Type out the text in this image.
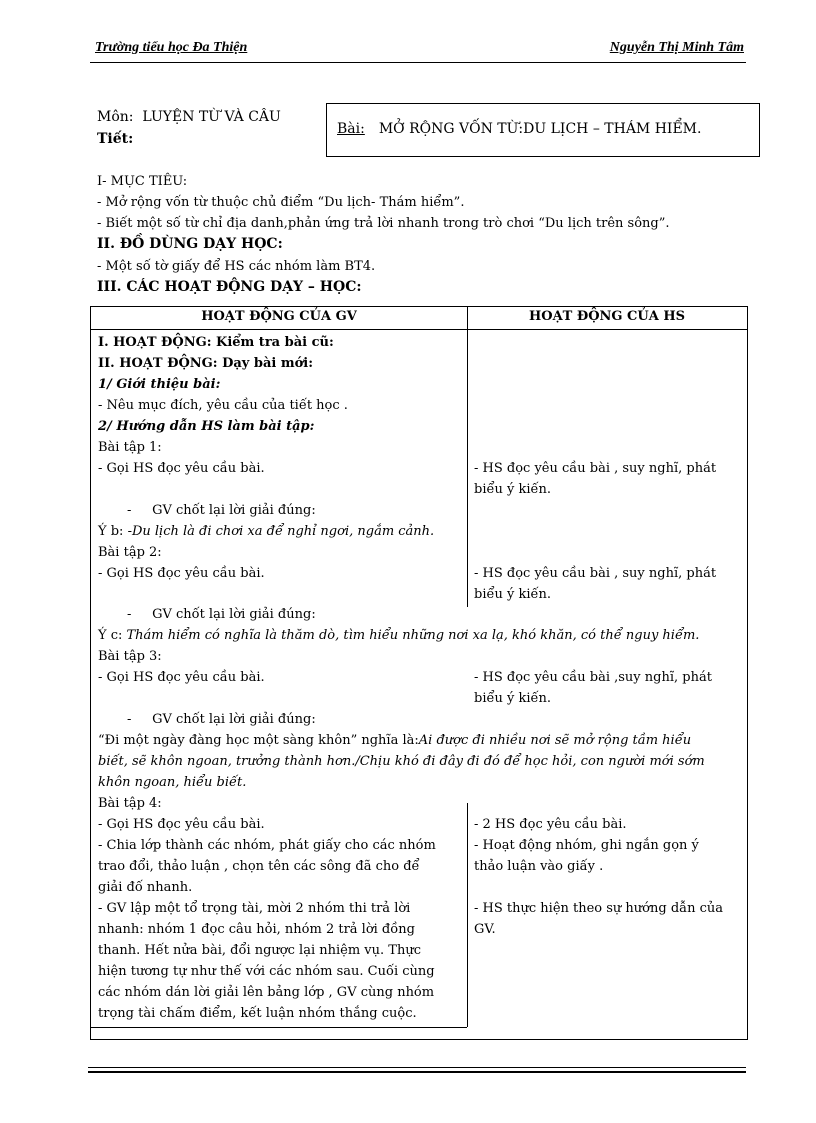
Trường tiểu học Đa Thiện	Nguyễn Thị Minh Tâm
Môn: LUYỆN TỪ VÀ CÂU
Tiết:
Bài: MỞ RỘNG VỐN TỪ:DU LỊCH – THÁM HIỂM.
I- MỤC TIÊU:
- Mở rộng vốn từ thuộc chủ điểm “Du lịch- Thám hiểm”.
- Biết một số từ chỉ địa danh,phản ứng trả lời nhanh trong trò chơi “Du lịch trên sông”.
II. ĐỒ DÙNG DẠY HỌC:
- Một số tờ giấy để HS các nhóm làm BT4.
III. CÁC HOẠT ĐỘNG DẠY – HỌC:
HOẠT ĐỘNG CỦA GV	HOẠT ĐỘNG CỦA HS
I. HOẠT ĐỘNG: Kiểm tra bài cũ:
II. HOẠT ĐỘNG: Dạy bài mới:
1/ Giới thiệu bài:
- Nêu mục đích, yêu cầu của tiết học .
2/ Hướng dẫn HS làm bài tập:
Bài tập 1:
- Gọi HS đọc yêu cầu bài.
-     GV chốt lại lời giải đúng:
Ý b: -Du lịch là đi chơi xa để nghỉ ngơi, ngắm cảnh.
Bài tập 2:
- Gọi HS đọc yêu cầu bài.
-     GV chốt lại lời giải đúng:
Ý c: Thám hiểm có nghĩa là thăm dò, tìm hiểu những nơi xa lạ, khó khăn, có thể nguy hiểm.
Bài tập 3:
- Gọi HS đọc yêu cầu bài.
-     GV chốt lại lời giải đúng:
“Đi một ngày đàng học một sàng khôn” nghĩa là:Ai được đi nhiều nơi sẽ mở rộng tầm hiểu
biết, sẽ khôn ngoan, trưởng thành hơn./Chịu khó đi đây đi đó để học hỏi, con người mới sớm
khôn ngoan, hiểu biết.
Bài tập 4:
- Gọi HS đọc yêu cầu bài.
- Chia lớp thành các nhóm, phát giấy cho các nhóm
trao đổi, thảo luận , chọn tên các sông đã cho để
giải đố nhanh.
- GV lập một tổ trọng tài, mời 2 nhóm thi trả lời
nhanh: nhóm 1 đọc câu hỏi, nhóm 2 trả lời đồng
thanh. Hết nửa bài, đổi ngược lại nhiệm vụ. Thực
hiện tương tự như thế với các nhóm sau. Cuối cùng
các nhóm dán lời giải lên bảng lớp , GV cùng nhóm
trọng tài chấm điểm, kết luận nhóm thắng cuộc.
- HS đọc yêu cầu bài , suy nghĩ, phát
biểu ý kiến.
- HS đọc yêu cầu bài , suy nghĩ, phát
biểu ý kiến.
- HS đọc yêu cầu bài ,suy nghĩ, phát
biểu ý kiến.
- 2 HS đọc yêu cầu bài.
- Hoạt động nhóm, ghi ngắn gọn ý
thảo luận vào giấy .
- HS thực hiện theo sự hướng dẫn của
GV.
